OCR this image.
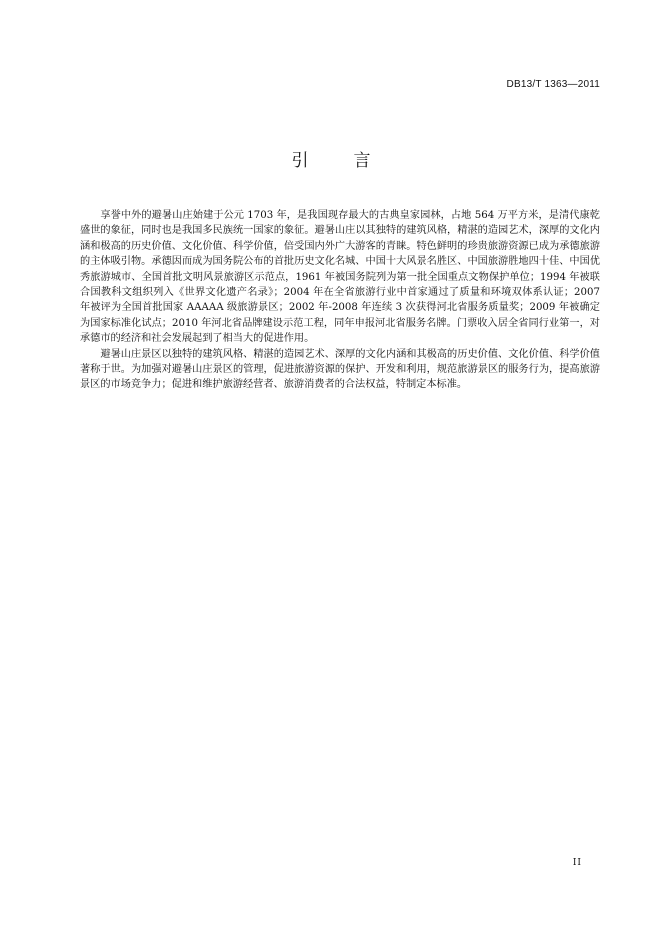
DB13/T 1363—2011
引　言

享誉中外的避暑山庄始建于公元 1703 年，是我国现存最大的古典皇家园林，占地 564 万平方米，是清代康乾盛世的象征，同时也是我国多民族统一国家的象征。避暑山庄以其独特的建筑风格，精湛的造园艺术，深厚的文化内涵和极高的历史价值、文化价值、科学价值，倍受国内外广大游客的青睐。特色鲜明的珍贵旅游资源已成为承德旅游的主体吸引物。承德因而成为国务院公布的首批历史文化名城、中国十大风景名胜区、中国旅游胜地四十佳、中国优秀旅游城市、全国首批文明风景旅游区示范点，1961 年被国务院列为第一批全国重点文物保护单位；1994 年被联合国教科文组织列入《世界文化遗产名录》；2004 年在全省旅游行业中首家通过了质量和环境双体系认证；2007 年被评为全国首批国家 AAAAA 级旅游景区；2002 年-2008 年连续 3 次获得河北省服务质量奖；2009 年被确定为国家标准化试点；2010 年河北省品牌建设示范工程，同年申报河北省服务名牌。门票收入居全省同行业第一，对承德市的经济和社会发展起到了相当大的促进作用。

避暑山庄景区以独特的建筑风格、精湛的造园艺术、深厚的文化内涵和其极高的历史价值、文化价值、科学价值著称于世。为加强对避暑山庄景区的管理，促进旅游资源的保护、开发和利用，规范旅游景区的服务行为，提高旅游景区的市场竞争力；促进和维护旅游经营者、旅游消费者的合法权益，特制定本标准。

II
